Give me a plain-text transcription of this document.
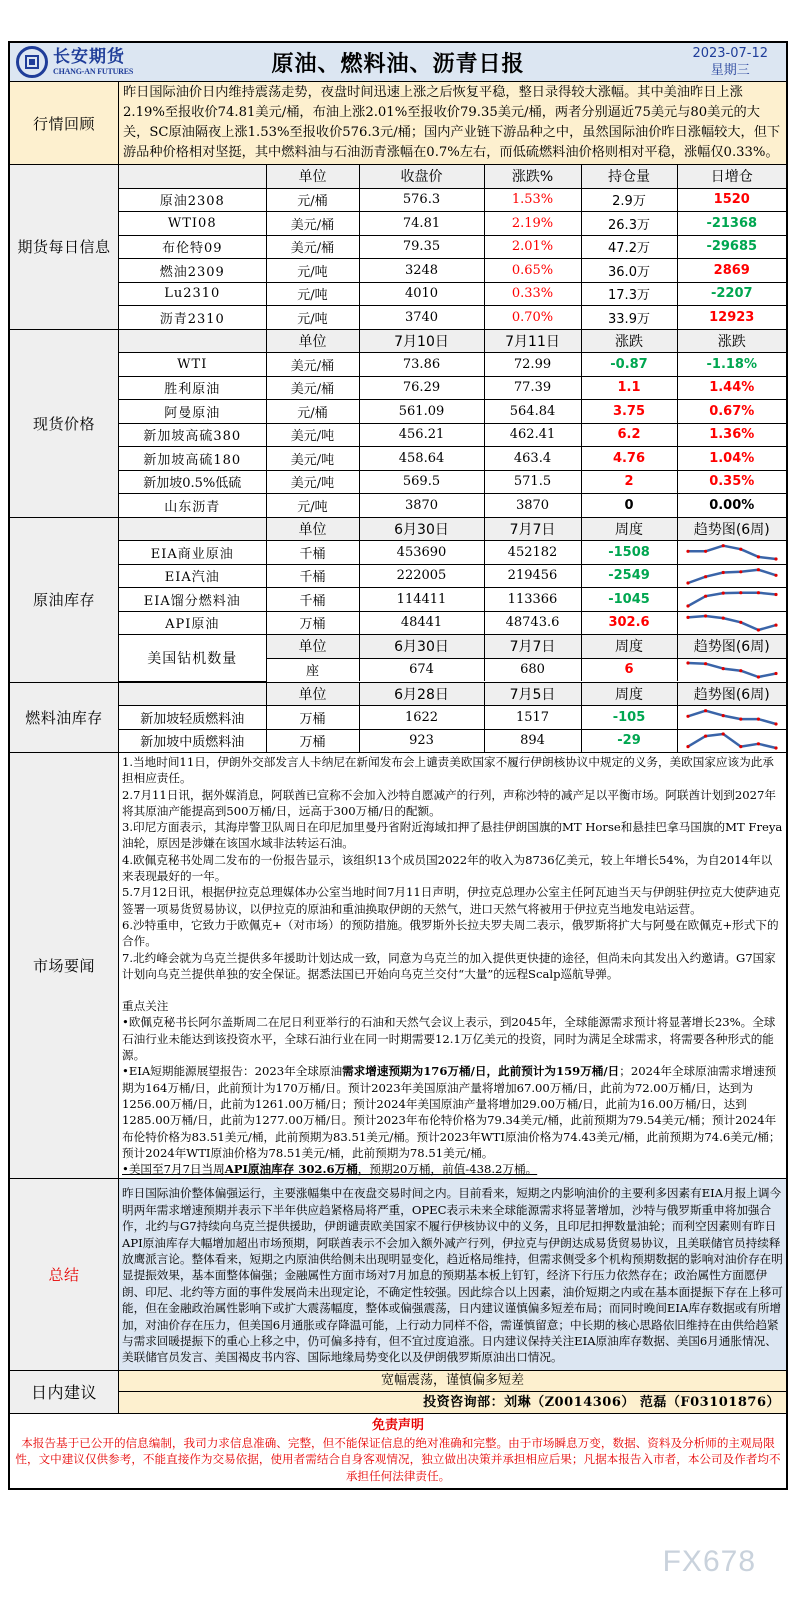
长安期货
CHANG-AN FUTURES	原油、燃料油、沥青日报	2023-07-12
星期三
行情回顾
昨日国际油价日内维持震荡走势，夜盘时间迅速上涨之后恢复平稳，整日录得较大涨幅。其中美油昨日上涨2.19%至报收价74.81美元/桶，布油上涨2.01%至报收价79.35美元/桶，两者分别逼近75美元与80美元的大关，SC原油隔夜上涨1.53%至报收价576.3元/桶；国内产业链下游品种之中，虽然国际油价昨日涨幅较大，但下游品种价格相对坚挺，其中燃料油与石油沥青涨幅在0.7%左右，而低硫燃料油价格则相对平稳，涨幅仅0.33%。
期货每日信息
	单位	收盘价	涨跌%	持仓量	日增仓
原油2308	元/桶	576.3	1.53%	2.9万	1520
WTI08	美元/桶	74.81	2.19%	26.3万	-21368
布伦特09	美元/桶	79.35	2.01%	47.2万	-29685
燃油2309	元/吨	3248	0.65%	36.0万	2869
Lu2310	元/吨	4010	0.33%	17.3万	-2207
沥青2310	元/吨	3740	0.70%	33.9万	12923
现货价格
	单位	7月10日	7月11日	涨跌	涨跌
WTI	美元/桶	73.86	72.99	-0.87	-1.18%
胜利原油	美元/桶	76.29	77.39	1.1	1.44%
阿曼原油	元/桶	561.09	564.84	3.75	0.67%
新加坡高硫380	美元/吨	456.21	462.41	6.2	1.36%
新加坡高硫180	美元/吨	458.64	463.4	4.76	1.04%
新加坡0.5%低硫	美元/吨	569.5	571.5	2	0.35%
山东沥青	元/吨	3870	3870	0	0.00%
原油库存
	单位	6月30日	7月7日	周度	趋势图(6周)
EIA商业原油	千桶	453690	452182	-1508	

EIA汽油	千桶	222005	219456	-2549	

EIA馏分燃料油	千桶	114411	113366	-1045	

API原油	万桶	48441	48743.6	302.6	

美国钻机数量	单位	6月30日	7月7日	周度	趋势图(6周)
	座	674	680	6	
燃料油库存
	单位	6月28日	7月5日	周度	趋势图(6周)
新加坡轻质燃料油	万桶	1622	1517	-105	

新加坡中质燃料油	万桶	923	894	-29	
市场要闻

1.当地时间11日，伊朗外交部发言人卡纳尼在新闻发布会上谴责美欧国家不履行伊朗核协议中规定的义务，美欧国家应该为此承担相应责任。

2.7月11日讯，据外媒消息，阿联酋已宣称不会加入沙特自愿减产的行列，声称沙特的减产足以平衡市场。阿联酋计划到2027年将其原油产能提高到500万桶/日，远高于300万桶/日的配额。

3.印尼方面表示，其海岸警卫队周日在印尼加里曼丹省附近海域扣押了悬挂伊朗国旗的MT Horse和悬挂巴拿马国旗的MT Freya油轮，原因是涉嫌在该国水域非法转运石油。

4.欧佩克秘书处周二发布的一份报告显示，该组织13个成员国2022年的收入为8736亿美元，较上年增长54%，为自2014年以来表现最好的一年。

5.7月12日讯，根据伊拉克总理媒体办公室当地时间7月11日声明，伊拉克总理办公室主任阿瓦迪当天与伊朗驻伊拉克大使萨迪克签署一项易货贸易协议，以伊拉克的原油和重油换取伊朗的天然气，进口天然气将被用于伊拉克当地发电站运营。

6.沙特重申，它致力于欧佩克+（对市场）的预防措施。俄罗斯外长拉夫罗夫周二表示，俄罗斯将扩大与阿曼在欧佩克+形式下的合作。

7.北约峰会就为乌克兰提供多年援助计划达成一致，同意为乌克兰的加入提供更快捷的途径，但尚未向其发出入约邀请。G7国家计划向乌克兰提供单独的安全保证。据悉法国已开始向乌克兰交付“大量”的远程Scalp巡航导弹。

重点关注

•欧佩克秘书长阿尔盖斯周二在尼日利亚举行的石油和天然气会议上表示，到2045年，全球能源需求预计将显著增长23%。全球石油行业未能达到该投资水平，全球石油行业在同一时期需要12.1万亿美元的投资，同时为满足全球需求，将需要各种形式的能源。

•EIA短期能源展望报告：2023年全球原油需求增速预期为176万桶/日，此前预计为159万桶/日；2024年全球原油需求增速预期为164万桶/日，此前预计为170万桶/日。预计2023年美国原油产量将增加67.00万桶/日，此前为72.00万桶/日，达到为1256.00万桶/日，此前为1261.00万桶/日；预计2024年美国原油产量将增加29.00万桶/日，此前为16.00万桶/日，达到1285.00万桶/日，此前为1277.00万桶/日。预计2023年布伦特价格为79.34美元/桶，此前预期为79.54美元/桶；预计2024年布伦特价格为83.51美元/桶，此前预期为83.51美元/桶。预计2023年WTI原油价格为74.43美元/桶，此前预期为74.6美元/桶；预计2024年WTI原油价格为78.51美元/桶，此前预期为78.51美元/桶。

•美国至7月7日当周API原油库存 302.6万桶，预期20万桶，前值-438.2万桶。

总结
昨日国际油价整体偏强运行，主要涨幅集中在夜盘交易时间之内。目前看来，短期之内影响油价的主要利多因素有EIA月报上调今明两年需求增速预期并表示下半年供应趋紧格局将严重，OPEC表示未来全球能源需求将显著增加，沙特与俄罗斯重申将加强合作，北约与G7持续向乌克兰提供援助，伊朗谴责欧美国家不履行伊核协议中的义务，且印尼扣押数量油轮；而利空因素则有昨日API原油库存大幅增加超出市场预期，阿联酋表示不会加入额外减产行列，伊拉克与伊朗达成易货贸易协议，且美联储官员持续释放鹰派言论。整体看来，短期之内原油供给侧未出现明显变化，趋近格局维持，但需求侧受多个机构预期数据的影响对油价存在明显提振效果，基本面整体偏强；金融属性方面市场对7月加息的预期基本板上钉钉，经济下行压力依然存在；政治属性方面愿伊朗、印尼、北约等方面的事件发展尚未出现定论，不确定性较强。因此综合以上因素，油价短期之内或在基本面提振下存在上移可能，但在金融政治属性影响下或扩大震荡幅度，整体或偏强震荡，日内建议谨慎偏多短差布局；而同时晚间EIA库存数据或有所增加，对油价存在压力，但美国6月通胀或存降温可能，上行动力同样不俗，需谨慎留意；中长期的核心思路依旧维持在由供给趋紧与需求回暖提振下的重心上移之中，仍可偏多持有，但不宜过度追涨。日内建议保持关注EIA原油库存数据、美国6月通胀情况、美联储官员发言、美国褐皮书内容、国际地缘局势变化以及伊朗俄罗斯原油出口情况。
日内建议
宽幅震荡，谨慎偏多短差
投资咨询部：刘琳（Z0014306） 范磊（F03101876）
免责声明
本报告基于已公开的信息编制，我司力求信息准确、完整，但不能保证信息的绝对准确和完整。由于市场瞬息万变，数据、资料及分析师的主观局限性，文中建议仅供参考，不能直接作为交易依据，使用者需结合自身客观情况，独立做出决策并承担相应后果；凡据本报告入市者，本公司及作者均不承担任何法律责任。
FX678
